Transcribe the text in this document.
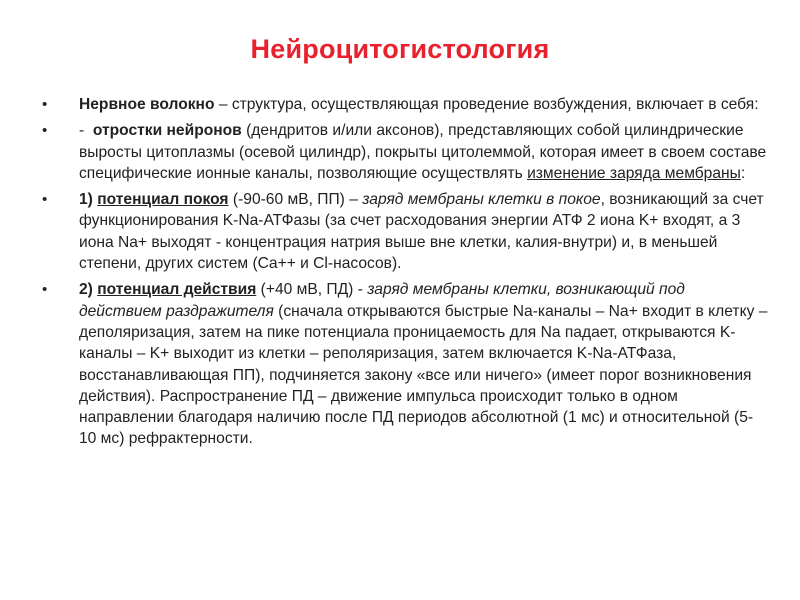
Нейроцитогистология
• Нервное волокно – структура, осуществляющая проведение возбуждения, включает в себя:
• -  отростки нейронов (дендритов и/или аксонов), представляющих собой цилиндрические выросты цитоплазмы (осевой цилиндр), покрыты цитолеммой, которая имеет в своем составе специфические ионные каналы, позволяющие осуществлять изменение заряда мембраны:
• 1) потенциал покоя (-90-60 мВ, ПП) – заряд мембраны клетки в покое, возникающий за счет функционирования K-Na-АТФазы (за счет расходования энергии АТФ 2 иона K+ входят, а 3 иона Na+ выходят - концентрация натрия выше вне клетки, калия-внутри) и, в меньшей степени, других систем (Ca++ и Cl-насосов).
• 2) потенциал действия (+40 мВ, ПД) - заряд мембраны клетки, возникающий под действием раздражителя (сначала открываются быстрые Na-каналы – Na+ входит в клетку – деполяризация, затем на пике потенциала проницаемость для Na падает, открываются K-каналы – K+ выходит из клетки – реполяризация, затем включается K-Na-АТФаза, восстанавливающая ПП), подчиняется закону «все или ничего» (имеет порог возникновения действия). Распространение ПД – движение импульса происходит только в одном направлении благодаря наличию после ПД периодов абсолютной (1 мс) и относительной (5-10 мс) рефрактерности.
